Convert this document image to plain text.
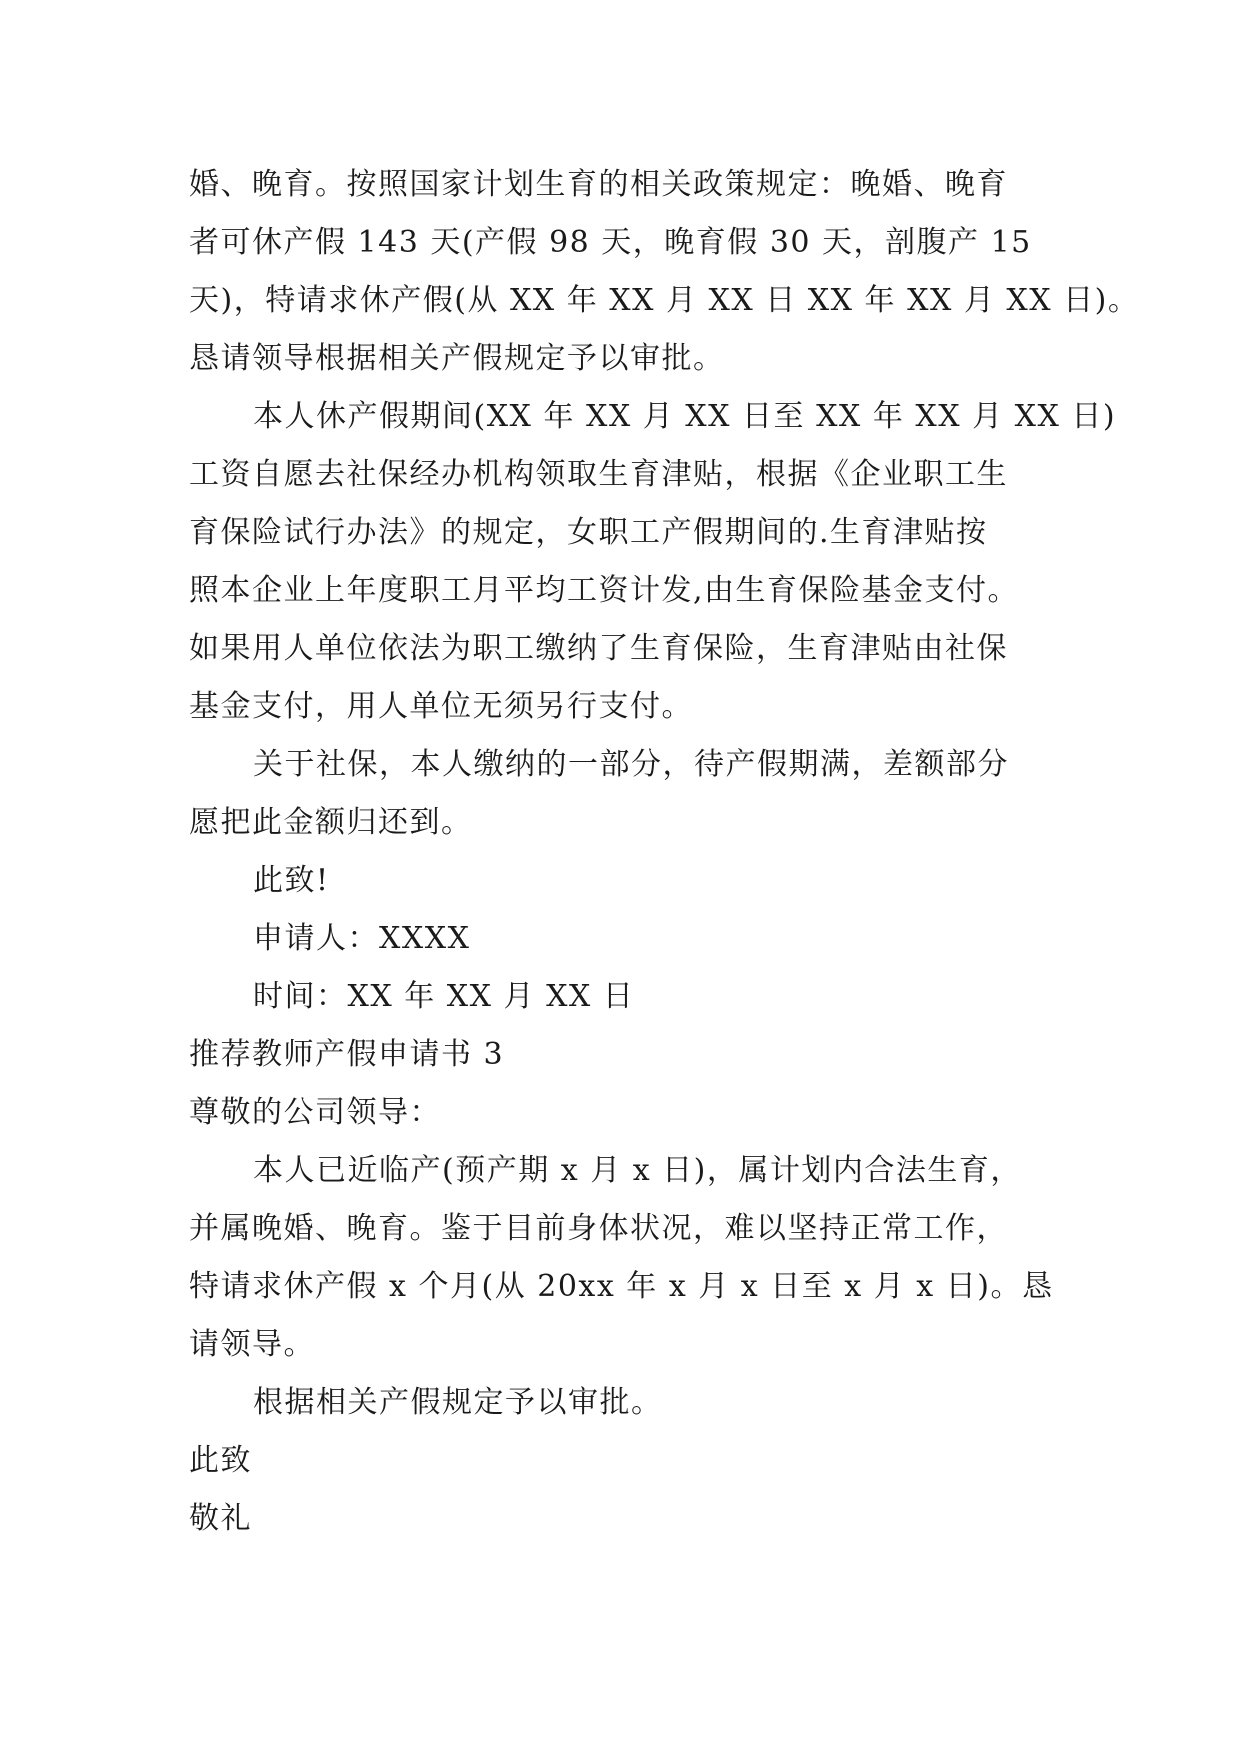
婚、晚育。按照国家计划生育的相关政策规定：晚婚、晚育
者可休产假 143 天(产假 98 天，晚育假 30 天，剖腹产 15
天)，特请求休产假(从 XX 年 XX 月 XX 日 XX 年 XX 月 XX 日)。
恳请领导根据相关产假规定予以审批。
本人休产假期间(XX 年 XX 月 XX 日至 XX 年 XX 月 XX 日)
工资自愿去社保经办机构领取生育津贴，根据《企业职工生
育保险试行办法》的规定，女职工产假期间的.生育津贴按
照本企业上年度职工月平均工资计发,由生育保险基金支付。
如果用人单位依法为职工缴纳了生育保险，生育津贴由社保
基金支付，用人单位无须另行支付。
关于社保，本人缴纳的一部分，待产假期满，差额部分
愿把此金额归还到。
此致!
申请人：XXXX
时间：XX 年 XX 月 XX 日
推荐教师产假申请书 3
尊敬的公司领导：
本人已近临产(预产期 x 月 x 日)，属计划内合法生育，
并属晚婚、晚育。鉴于目前身体状况，难以坚持正常工作，
特请求休产假 x 个月(从 20xx 年 x 月 x 日至 x 月 x 日)。恳
请领导。
根据相关产假规定予以审批。
此致
敬礼
